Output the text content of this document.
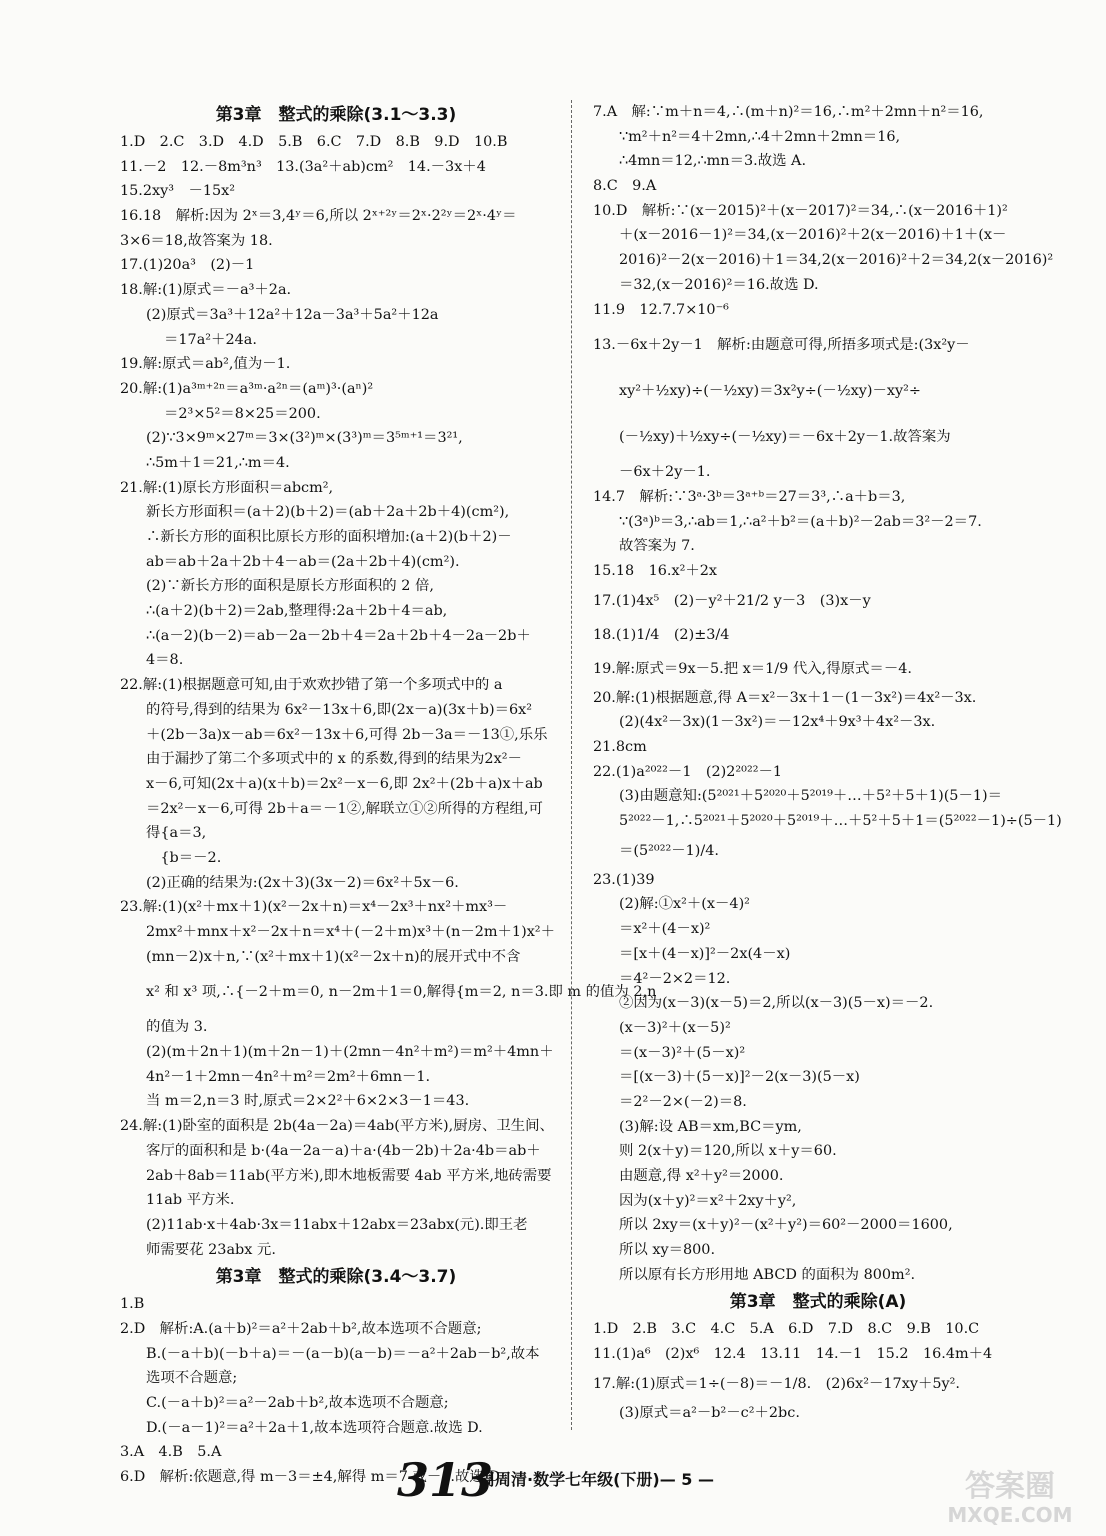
第3章　整式的乘除(3.1～3.3)
1.D　2.C　3.D　4.D　5.B　6.C　7.D　8.B　9.D　10.B
11.－2　12.－8m³n³　13.(3a²＋ab)cm²　14.－3x＋4
15.2xy³　－15x²
16.18　解析:因为 2ˣ＝3,4ʸ＝6,所以 2ˣ⁺²ʸ＝2ˣ·2²ʸ＝2ˣ·4ʸ＝
3×6＝18,故答案为 18.
17.(1)20a³　(2)－1
18.解:(1)原式＝－a³＋2a.
(2)原式＝3a³＋12a²＋12a－3a³＋5a²＋12a
＝17a²＋24a.
19.解:原式＝ab²,值为－1.
20.解:(1)a³ᵐ⁺²ⁿ＝a³ᵐ·a²ⁿ＝(aᵐ)³·(aⁿ)²
＝2³×5²＝8×25＝200.
(2)∵3×9ᵐ×27ᵐ＝3×(3²)ᵐ×(3³)ᵐ＝3⁵ᵐ⁺¹＝3²¹,
∴5m＋1＝21,∴m＝4.
21.解:(1)原长方形面积＝abcm²,
新长方形面积＝(a＋2)(b＋2)＝(ab＋2a＋2b＋4)(cm²),
∴新长方形的面积比原长方形的面积增加:(a＋2)(b＋2)－
ab＝ab＋2a＋2b＋4－ab＝(2a＋2b＋4)(cm²).
(2)∵新长方形的面积是原长方形面积的 2 倍,
∴(a＋2)(b＋2)＝2ab,整理得:2a＋2b＋4＝ab,
∴(a－2)(b－2)＝ab－2a－2b＋4＝2a＋2b＋4－2a－2b＋
4＝8.
22.解:(1)根据题意可知,由于欢欢抄错了第一个多项式中的 a
的符号,得到的结果为 6x²－13x＋6,即(2x－a)(3x＋b)＝6x²
＋(2b－3a)x－ab＝6x²－13x＋6,可得 2b－3a＝－13①,乐乐
由于漏抄了第二个多项式中的 x 的系数,得到的结果为2x²－
x－6,可知(2x＋a)(x＋b)＝2x²－x－6,即 2x²＋(2b＋a)x＋ab
＝2x²－x－6,可得 2b＋a＝－1②,解联立①②所得的方程组,可
得{a＝3,
　{b＝－2.
(2)正确的结果为:(2x＋3)(3x－2)＝6x²＋5x－6.
23.解:(1)(x²＋mx＋1)(x²－2x＋n)＝x⁴－2x³＋nx²＋mx³－
2mx²＋mnx＋x²－2x＋n＝x⁴＋(－2＋m)x³＋(n－2m＋1)x²＋
(mn－2)x＋n,∵(x²＋mx＋1)(x²－2x＋n)的展开式中不含
x² 和 x³ 项,∴{－2＋m＝0, n－2m＋1＝0,解得{m＝2, n＝3.即 m 的值为 2,n
的值为 3.
(2)(m＋2n＋1)(m＋2n－1)＋(2mn－4n²＋m²)＝m²＋4mn＋
4n²－1＋2mn－4n²＋m²＝2m²＋6mn－1.
当 m＝2,n＝3 时,原式＝2×2²＋6×2×3－1＝43.
24.解:(1)卧室的面积是 2b(4a－2a)＝4ab(平方米),厨房、卫生间、
客厅的面积和是 b·(4a－2a－a)＋a·(4b－2b)＋2a·4b＝ab＋
2ab＋8ab＝11ab(平方米),即木地板需要 4ab 平方米,地砖需要
11ab 平方米.
(2)11ab·x＋4ab·3x＝11abx＋12abx＝23abx(元).即王老
师需要花 23abx 元.
第3章　整式的乘除(3.4～3.7)
1.B
2.D　解析:A.(a＋b)²＝a²＋2ab＋b²,故本选项不合题意;
B.(－a＋b)(－b＋a)＝－(a－b)(a－b)＝－a²＋2ab－b²,故本
选项不合题意;
C.(－a＋b)²＝a²－2ab＋b²,故本选项不合题意;
D.(－a－1)²＝a²＋2a＋1,故本选项符合题意.故选 D.
3.A　4.B　5.A
6.D　解析:依题意,得 m－3＝±4,解得 m＝7 或－1.故选 D.
7.A　解:∵m＋n＝4,∴(m＋n)²＝16,∴m²＋2mn＋n²＝16,
∵m²＋n²＝4＋2mn,∴4＋2mn＋2mn＝16,
∴4mn＝12,∴mn＝3.故选 A.
8.C　9.A
10.D　解析:∵(x－2015)²＋(x－2017)²＝34,∴(x－2016＋1)²
＋(x－2016－1)²＝34,(x－2016)²＋2(x－2016)＋1＋(x－
2016)²－2(x－2016)＋1＝34,2(x－2016)²＋2＝34,2(x－2016)²
＝32,(x－2016)²＝16.故选 D.
11.9　12.7.7×10⁻⁶
13.－6x＋2y－1　解析:由题意可得,所捂多项式是:(3x²y－
xy²＋½xy)÷(－½xy)＝3x²y÷(－½xy)－xy²÷
(－½xy)＋½xy÷(－½xy)＝－6x＋2y－1.故答案为
－6x＋2y－1.
14.7　解析:∵3ᵃ·3ᵇ＝3ᵃ⁺ᵇ＝27＝3³,∴a＋b＝3,
∵(3ᵃ)ᵇ＝3,∴ab＝1,∴a²＋b²＝(a＋b)²－2ab＝3²－2＝7.
故答案为 7.
15.18　16.x²＋2x
17.(1)4x⁵　(2)－y²＋21/2 y－3　(3)x－y
18.(1)1/4　(2)±3/4
19.解:原式＝9x－5.把 x＝1/9 代入,得原式＝－4.
20.解:(1)根据题意,得 A＝x²－3x＋1－(1－3x²)＝4x²－3x.
(2)(4x²－3x)(1－3x²)＝－12x⁴＋9x³＋4x²－3x.
21.8cm
22.(1)a²⁰²²－1　(2)2²⁰²²－1
(3)由题意知:(5²⁰²¹＋5²⁰²⁰＋5²⁰¹⁹＋…＋5²＋5＋1)(5－1)＝
5²⁰²²－1,∴5²⁰²¹＋5²⁰²⁰＋5²⁰¹⁹＋…＋5²＋5＋1＝(5²⁰²²－1)÷(5－1)
＝(5²⁰²²－1)/4.
23.(1)39
(2)解:①x²＋(x－4)²
＝x²＋(4－x)²
＝[x＋(4－x)]²－2x(4－x)
＝4²－2×2＝12.
②因为(x－3)(x－5)＝2,所以(x－3)(5－x)＝－2.
(x－3)²＋(x－5)²
＝(x－3)²＋(5－x)²
＝[(x－3)＋(5－x)]²－2(x－3)(5－x)
＝2²－2×(－2)＝8.
(3)解:设 AB＝xm,BC＝ym,
则 2(x＋y)＝120,所以 x＋y＝60.
由题意,得 x²＋y²＝2000.
因为(x＋y)²＝x²＋2xy＋y²,
所以 2xy＝(x＋y)²－(x²＋y²)＝60²－2000＝1600,
所以 xy＝800.
所以原有长方形用地 ABCD 的面积为 800m².
第3章　整式的乘除(A)
1.D　2.B　3.C　4.C　5.A　6.D　7.D　8.C　9.B　10.C
11.(1)a⁶　(2)x⁶　12.4　13.11　14.－1　15.2　16.4m＋4
17.解:(1)原式＝1÷(－8)＝－1/8.　(2)6x²－17xy＋5y².
(3)原式＝a²－b²－c²＋2bc.
313
周周清·数学七年级(下册)— 5 —	答案圈
MXQE.COM
